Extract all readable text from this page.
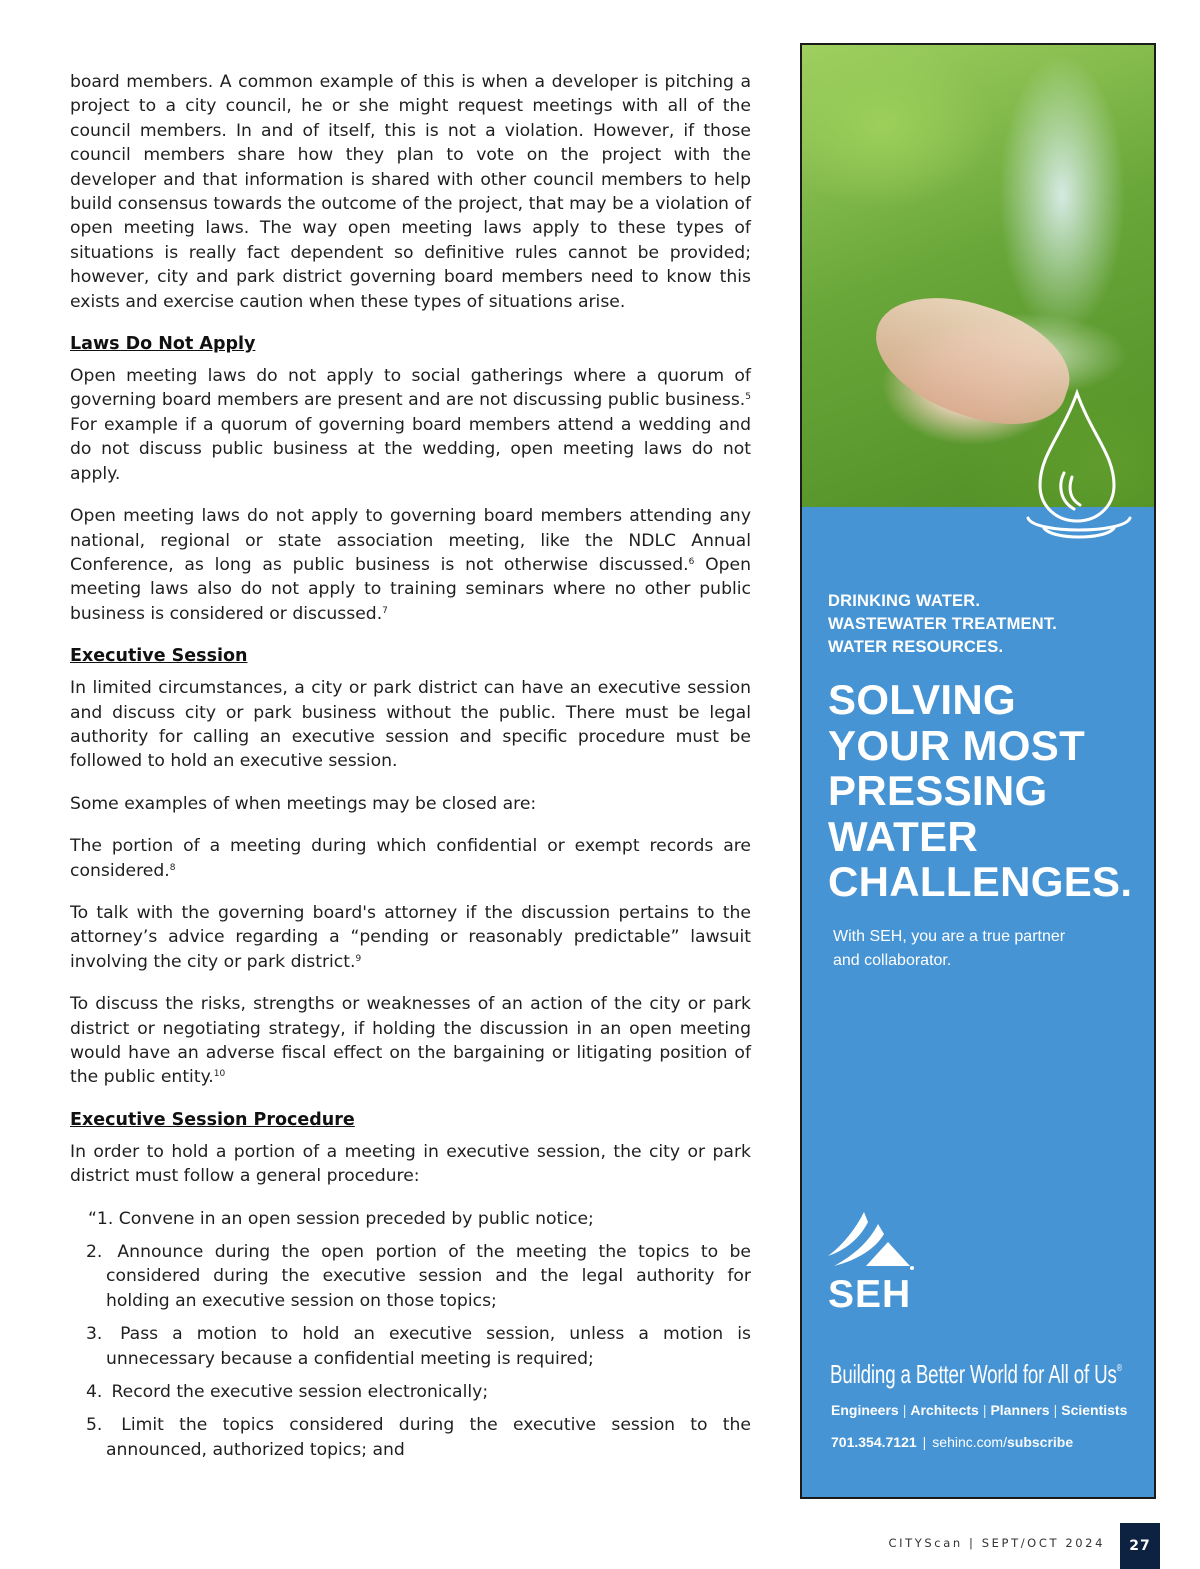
board members. A common example of this is when a developer is pitching a project to a city council, he or she might request meetings with all of the council members. In and of itself, this is not a violation. However, if those council members share how they plan to vote on the project with the developer and that information is shared with other council members to help build consensus towards the outcome of the project, that may be a violation of open meeting laws. The way open meeting laws apply to these types of situations is really fact dependent so definitive rules cannot be provided; however, city and park district governing board members need to know this exists and exercise caution when these types of situations arise.

Laws Do Not Apply

Open meeting laws do not apply to social gatherings where a quorum of governing board members are present and are not discussing public business.$^5$ For example if a quorum of governing board members attend a wedding and do not discuss public business at the wedding, open meeting laws do not apply.

Open meeting laws do not apply to governing board members attending any national, regional or state association meeting, like the NDLC Annual Conference, as long as public business is not otherwise discussed.$^6$ Open meeting laws also do not apply to training seminars where no other public business is considered or discussed.$^7$

Executive Session

In limited circumstances, a city or park district can have an executive session and discuss city or park business without the public. There must be legal authority for calling an executive session and specific procedure must be followed to hold an executive session.

Some examples of when meetings may be closed are:

The portion of a meeting during which confidential or exempt records are considered.$^8$

To talk with the governing board's attorney if the discussion pertains to the attorney’s advice regarding a “pending or reasonably predictable” lawsuit involving the city or park district.$^9$

To discuss the risks, strengths or weaknesses of an action of the city or park district or negotiating strategy, if holding the discussion in an open meeting would have an adverse fiscal effect on the bargaining or litigating position of the public entity.$^{10}$

Executive Session Procedure

In order to hold a portion of a meeting in executive session, the city or park district must follow a general procedure:

“1. Convene in an open session preceded by public notice;
2. Announce during the open portion of the meeting the topics to be considered during the executive session and the legal authority for holding an executive session on those topics;
3. Pass a motion to hold an executive session, unless a motion is unnecessary because a confidential meeting is required;
4. Record the executive session electronically;
5. Limit the topics considered during the executive session to the announced, authorized topics; and
DRINKING WATER.
WASTEWATER TREATMENT.
WATER RESOURCES.
SOLVING
YOUR MOST
PRESSING
WATER
CHALLENGES.
With SEH, you are a true partner
and collaborator.
SEH
Building a Better World for All of Us®
Engineers | Architects | Planners | Scientists
701.354.7121 | sehinc.com/subscribe
CITYScan | SEPT/OCT 2024	27
